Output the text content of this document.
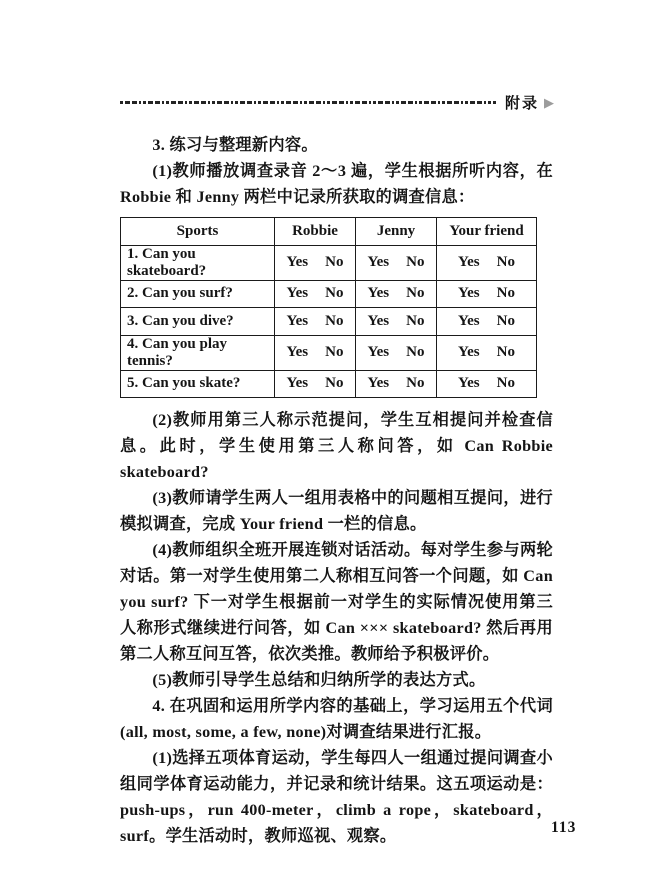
附录 ▶

3. 练习与整理新内容。

(1)教师播放调查录音 2～3 遍，学生根据所听内容，在 Robbie 和 Jenny 两栏中记录所获取的调查信息：

Sports	Robbie	Jenny	Your friend
1. Can you skateboard?	Yes No	Yes No	Yes No
2. Can you surf?	Yes No	Yes No	Yes No
3. Can you dive?	Yes No	Yes No	Yes No
4. Can you play tennis?	Yes No	Yes No	Yes No
5. Can you skate?	Yes No	Yes No	Yes No

(2)教师用第三人称示范提问，学生互相提问并检查信息。此时，学生使用第三人称问答，如 Can Robbie skateboard?

(3)教师请学生两人一组用表格中的问题相互提问，进行模拟调查，完成 Your friend 一栏的信息。

(4)教师组织全班开展连锁对话活动。每对学生参与两轮对话。第一对学生使用第二人称相互问答一个问题，如 Can you surf? 下一对学生根据前一对学生的实际情况使用第三人称形式继续进行问答，如 Can ××× skateboard? 然后再用第二人称互问互答，依次类推。教师给予积极评价。

(5)教师引导学生总结和归纳所学的表达方式。

4. 在巩固和运用所学内容的基础上，学习运用五个代词(all, most, some, a few, none)对调查结果进行汇报。

(1)选择五项体育运动，学生每四人一组通过提问调查小组同学体育运动能力，并记录和统计结果。这五项运动是：push-ups，run 400-meter，climb a rope，skateboard，surf。学生活动时，教师巡视、观察。	113
